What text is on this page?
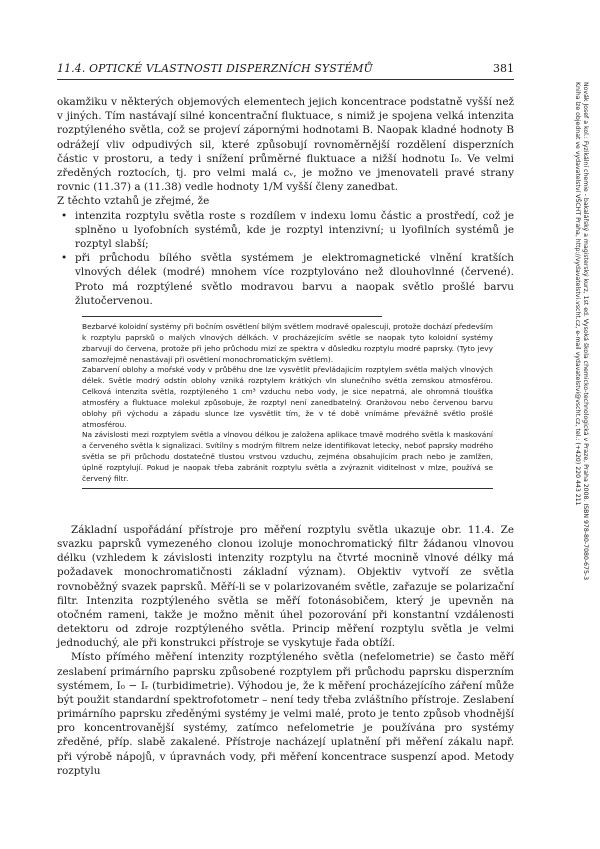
11.4. OPTICKÉ VLASTNOSTI DISPERZNÍCH SYSTÉMŮ	381

okamžiku v některých objemových elementech jejich koncentrace podstatně vyšší než v jiných. Tím nastávají silné koncentrační fluktuace, s nimiž je spojena velká intenzita rozptýleného světla, což se projeví zápornými hodnotami B. Naopak kladné hodnoty B odrážejí vliv odpudivých sil, které způsobují rovnoměrnější rozdělení disperzních částic v prostoru, a tedy i snížení průměrné fluktuace a nižší hodnotu I₀. Ve velmi zředěných roztocích, tj. pro velmi malá cᵥ, je možno ve jmenovateli pravé strany rovnic (11.37) a (11.38) vedle hodnoty 1/M vyšší členy zanedbat.

Z těchto vztahů je zřejmé, že

• intenzita rozptylu světla roste s rozdílem v indexu lomu částic a prostředí, což je splněno u lyofobních systémů, kde je rozptyl intenzivní; u lyofilních systémů je rozptyl slabší;
• při průchodu bílého světla systémem je elektromagnetické vlnění kratších vlnových délek (modré) mnohem více rozptylováno než dlouhovlnné (červené). Proto má rozptýlené světlo modravou barvu a naopak světlo prošlé barvu žlutočervenou.

Bezbarvé koloidní systémy při bočním osvětlení bílým světlem modravě opalescují, protože dochází především k rozptylu paprsků o malých vlnových délkách. V procházejícím světle se naopak tyto koloidní systémy zbarvují do červena, protože při jeho průchodu mizí ze spektra v důsledku rozptylu modré paprsky. (Tyto jevy samozřejmě nenastávají při osvětlení monochromatickým světlem).

Zabarvení oblohy a mořské vody v průběhu dne lze vysvětlit převládajícím rozptylem světla malých vlnových délek. Světle modrý odstín oblohy vzniká rozptylem krátkých vln slunečního světla zemskou atmosférou. Celková intenzita světla, rozptýleného 1 cm³ vzduchu nebo vody, je sice nepatrná, ale ohromná tloušťka atmosféry a fluktuace molekul způsobuje, že rozptyl není zanedbatelný. Oranžovou nebo červenou barvu oblohy při východu a západu slunce lze vysvětlit tím, že v té době vnímáme převážně světlo prošlé atmosférou.

Na závislosti mezi rozptylem světla a vlnovou délkou je založena aplikace tmavě modrého světla k maskování a červeného světla k signalizaci. Svítilny s modrým filtrem nelze identifikovat letecky, neboť paprsky modrého světla se při průchodu dostatečně tlustou vrstvou vzduchu, zejména obsahujícím prach nebo je zamlžen, úplně rozptylují. Pokud je naopak třeba zabránit rozptylu světla a zvýraznit viditelnost v mlze, používá se červený filtr.

Základní uspořádání přístroje pro měření rozptylu světla ukazuje obr. 11.4. Ze svazku paprsků vymezeného clonou izoluje monochromatický filtr žádanou vlnovou délku (vzhledem k závislosti intenzity rozptylu na čtvrté mocnině vlnové délky má požadavek monochromatičnosti základní význam). Objektiv vytvoří ze světla rovnoběžný svazek paprsků. Měří-li se v polarizovaném světle, zařazuje se polarizační filtr. Intenzita rozptýleného světla se měří fotonásobičem, který je upevněn na otočném rameni, takže je možno měnit úhel pozorování při konstantní vzdálenosti detektoru od zdroje rozptýleného světla. Princip měření rozptylu světla je velmi jednoduchý, ale při konstrukci přístroje se vyskytuje řada obtíží.

Místo přímého měření intenzity rozptýleného světla (nefelometrie) se často měří zeslabení primárního paprsku způsobené rozptylem při průchodu paprsku disperzním systémem, I₀ − Iᵣ (turbidimetrie). Výhodou je, že k měření procházejícího záření může být použit standardní spektrofotometr – není tedy třeba zvláštního přístroje. Zeslabení primárního paprsku zředěnými systémy je velmi malé, proto je tento způsob vhodnější pro koncentrovanější systémy, zatímco nefelometrie je používána pro systémy zředěné, příp. slabě zakalené. Přístroje nacházejí uplatnění při měření zákalu např. při výrobě nápojů, v úpravnách vody, při měření koncentrace suspenzí apod. Metody rozptylu

Novák Josef a kol.: Fyzikální chemie - bakalářský a magisterský kurz, 1st ed. Vysoká škola chemicko-technologická v Praze, Praha 2008. ISBN 978-80-7080-675-3
Kniha lze objednat ve vydavatelství VŠCHT Praha, http://vydavatelstvi.vscht.cz, e-mail vydavatelstvi@vscht.cz, tel.: (+420) 220 443 211
